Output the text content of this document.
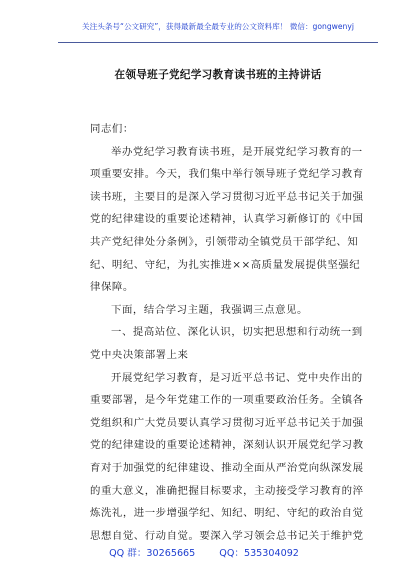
关注头条号“公文研究”，获得最新最全最专业的公文资料库！ 微信：gongwenyj
在领导班子党纪学习教育读书班的主持讲话
同志们：
举办党纪学习教育读书班，是开展党纪学习教育的一
项重要安排。今天，我们集中举行领导班子党纪学习教育
读书班，主要目的是深入学习贯彻习近平总书记关于加强
党的纪律建设的重要论述精神，认真学习新修订的《中国
共产党纪律处分条例》，引领带动全镇党员干部学纪、知
纪、明纪、守纪，为扎实推进××高质量发展提供坚强纪
律保障。
下面，结合学习主题，我强调三点意见。
一、提高站位、深化认识，切实把思想和行动统一到
党中央决策部署上来
开展党纪学习教育，是习近平总书记、党中央作出的
重要部署，是今年党建工作的一项重要政治任务。全镇各
党组织和广大党员要认真学习贯彻习近平总书记关于加强
党的纪律建设的重要论述精神，深刻认识开展党纪学习教
育对于加强党的纪律建设、推动全面从严治党向纵深发展
的重大意义，准确把握目标要求，主动接受学习教育的淬
炼洗礼，进一步增强学纪、知纪、明纪、守纪的政治自觉
思想自觉、行动自觉。要深入学习领会总书记关于维护党
QQ 群：30265665	QQ：535304092
